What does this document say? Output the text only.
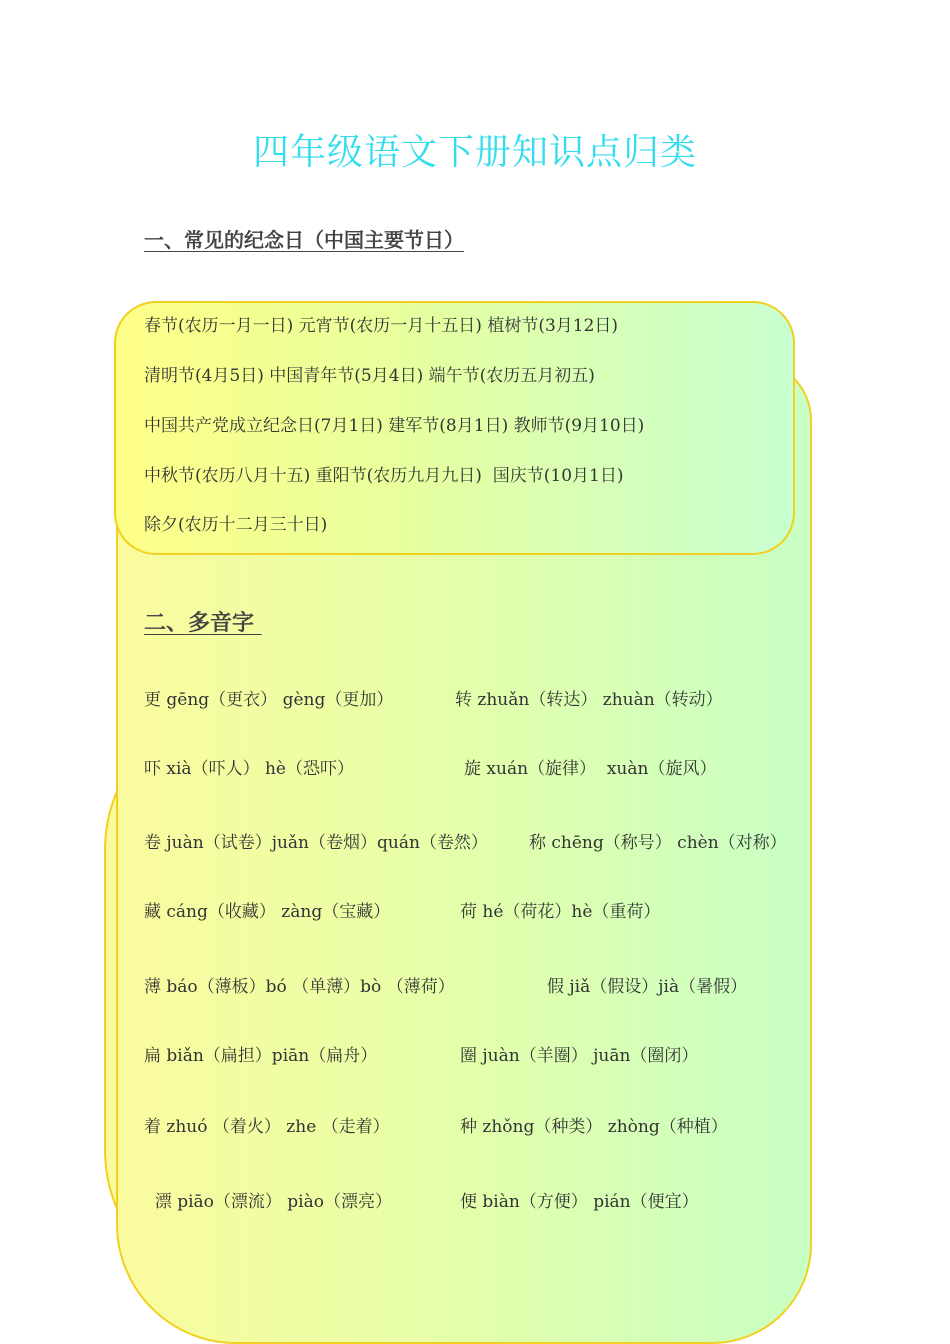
四年级语文下册知识点归类
一、常见的纪念日（中国主要节日）

春节(农历一月一日) 元宵节(农历一月十五日) 植树节(3月12日)

清明节(4月5日) 中国青年节(5月4日) 端午节(农历五月初五)

中国共产党成立纪念日(7月1日) 建军节(8月1日) 教师节(9月10日)

中秋节(农历八月十五) 重阳节(农历九月九日)  国庆节(10月1日)

除夕(农历十二月三十日)

二、多音字
更 gēng（更衣） gèng（更加）	转 zhuǎn（转达） zhuàn（转动）
吓 xià（吓人） hè（恐吓）	旋 xuán（旋律）  xuàn（旋风）
卷 juàn（试卷）juǎn（卷烟）quán（卷然） 称 chēng（称号） chèn（对称）
藏 cáng（收藏） zàng（宝藏）	荷 hé（荷花）hè（重荷）
薄 báo（薄板）bó （单薄）bò （薄荷）	假 jiǎ（假设）jià（暑假）
扁 biǎn（扁担）piān（扁舟）	圈 juàn（羊圈） juān（圈闭）
着 zhuó （着火） zhe （走着）	种 zhǒng（种类） zhòng（种植）
漂 piāo（漂流） piào（漂亮）	便 biàn（方便） pián（便宜）
